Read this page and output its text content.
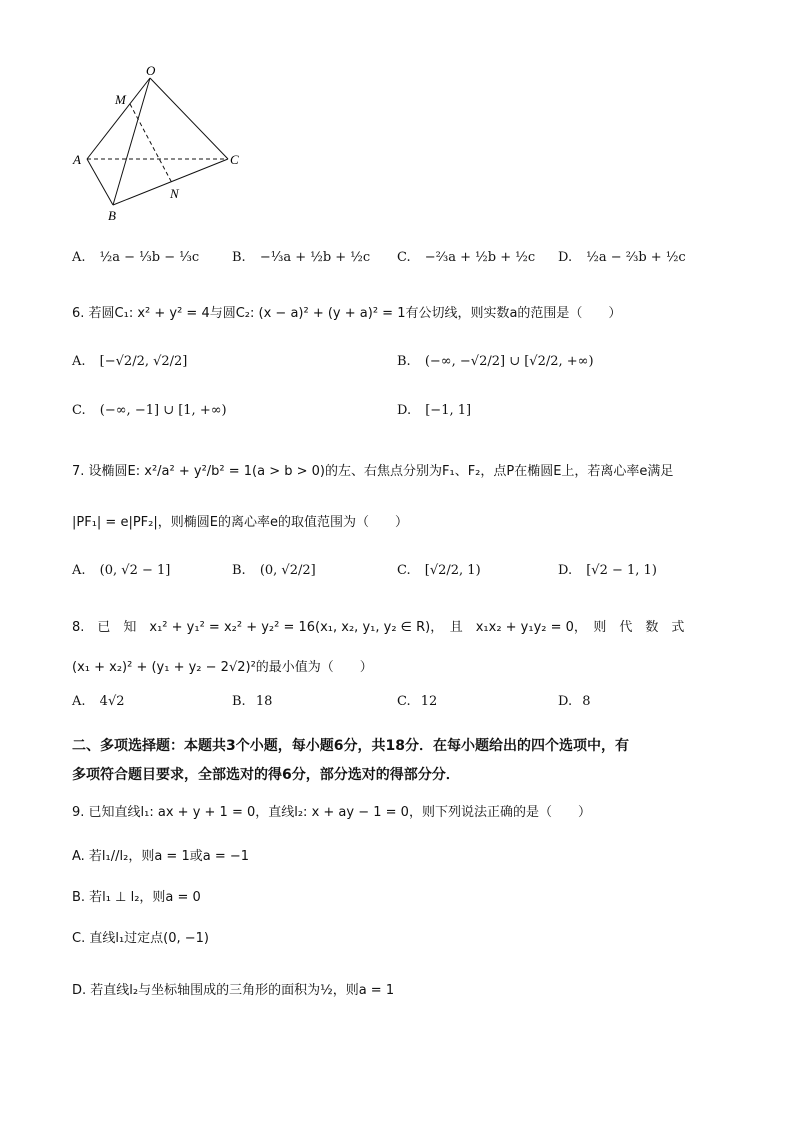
O
M
A	C
N
B
A. ½a − ⅓b − ⅓c	B. −⅓a + ½b + ½c C. −⅔a + ½b + ½c D. ½a − ⅔b + ½c
6. 若圆C₁: x² + y² = 4与圆C₂: (x − a)² + (y + a)² = 1有公切线，则实数a的范围是（　　）
A. [−√2/2, √2/2]	B. (−∞, −√2/2] ∪ [√2/2, +∞)
C. (−∞, −1] ∪ [1, +∞)	D. [−1, 1]
7. 设椭圆E: x²/a² + y²/b² = 1(a > b > 0)的左、右焦点分别为F₁、F₂，点P在椭圆E上，若离心率e满足
|PF₁| = e|PF₂|，则椭圆E的离心率e的取值范围为（　　）
A. (0, √2 − 1]	B. (0, √2/2]	C. [√2/2, 1)	D. [√2 − 1, 1)
8.　已　知　x₁² + y₁² = x₂² + y₂² = 16(x₁, x₂, y₁, y₂ ∈ R)，　且　x₁x₂ + y₁y₂ = 0，　则　代　数　式
(x₁ + x₂)² + (y₁ + y₂ − 2√2)²的最小值为（　　）
A. 4√2	B. 18	C. 12	D. 8
二、多项选择题：本题共3个小题，每小题6分，共18分．在每小题给出的四个选项中，有
多项符合题目要求，全部选对的得6分，部分选对的得部分分．
9. 已知直线l₁: ax + y + 1 = 0，直线l₂: x + ay − 1 = 0，则下列说法正确的是（　　）
A. 若l₁//l₂，则a = 1或a = −1
B. 若l₁ ⊥ l₂，则a = 0
C. 直线l₁过定点(0, −1)
D. 若直线l₂与坐标轴围成的三角形的面积为½，则a = 1
